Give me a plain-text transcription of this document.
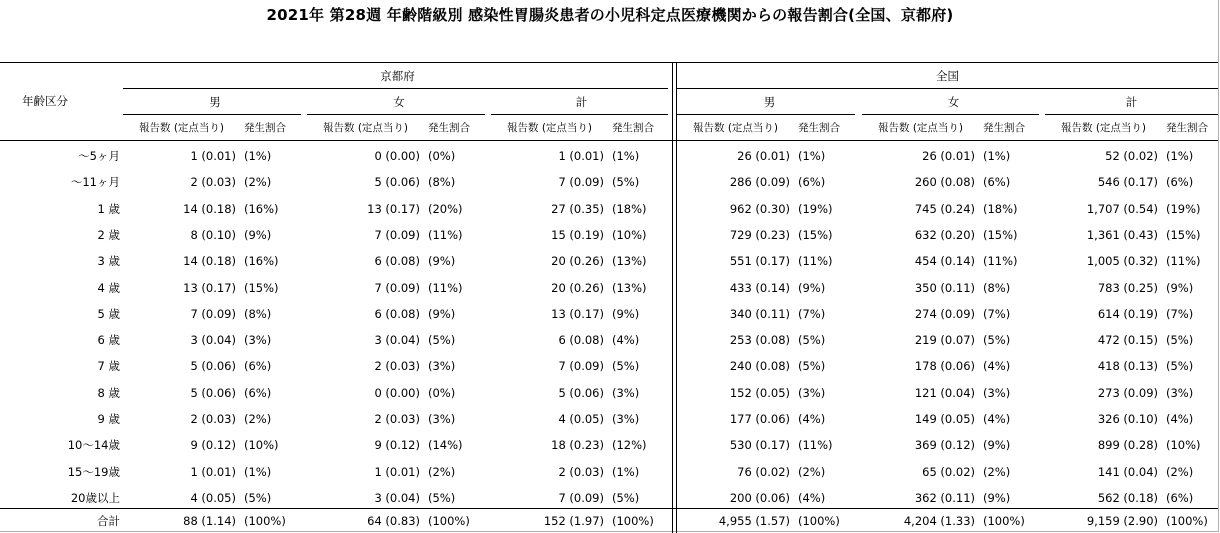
2021年 第28週 年齢階級別 感染性胃腸炎患者の小児科定点医療機関からの報告割合(全国、京都府)
年齢区分
京都府	全国
男
報告数 (定点当り) 発生割合
女
報告数 (定点当り) 発生割合
計
報告数 (定点当り) 発生割合
男
報告数 (定点当り) 発生割合
女
報告数 (定点当り) 発生割合
計
報告数 (定点当り) 発生割合
～5ヶ月	1 (0.01) (1%)	0 (0.00) (0%)	1 (0.01) (1%)	26 (0.01) (1%)	26 (0.01) (1%)	52 (0.02) (1%)
～11ヶ月	2 (0.03) (2%)	5 (0.06) (8%)	7 (0.09) (5%)	286 (0.09) (6%)	260 (0.08) (6%)	546 (0.17) (6%)
1 歳	14 (0.18) (16%)	13 (0.17) (20%)	27 (0.35) (18%)	962 (0.30) (19%)	745 (0.24) (18%)	1,707 (0.54) (19%)
2 歳	8 (0.10) (9%)	7 (0.09) (11%)	15 (0.19) (10%)	729 (0.23) (15%)	632 (0.20) (15%)	1,361 (0.43) (15%)
3 歳	14 (0.18) (16%)	6 (0.08) (9%)	20 (0.26) (13%)	551 (0.17) (11%)	454 (0.14) (11%)	1,005 (0.32) (11%)
4 歳	13 (0.17) (15%)	7 (0.09) (11%)	20 (0.26) (13%)	433 (0.14) (9%)	350 (0.11) (8%)	783 (0.25) (9%)
5 歳	7 (0.09) (8%)	6 (0.08) (9%)	13 (0.17) (9%)	340 (0.11) (7%)	274 (0.09) (7%)	614 (0.19) (7%)
6 歳	3 (0.04) (3%)	3 (0.04) (5%)	6 (0.08) (4%)	253 (0.08) (5%)	219 (0.07) (5%)	472 (0.15) (5%)
7 歳	5 (0.06) (6%)	2 (0.03) (3%)	7 (0.09) (5%)	240 (0.08) (5%)	178 (0.06) (4%)	418 (0.13) (5%)
8 歳	5 (0.06) (6%)	0 (0.00) (0%)	5 (0.06) (3%)	152 (0.05) (3%)	121 (0.04) (3%)	273 (0.09) (3%)
9 歳	2 (0.03) (2%)	2 (0.03) (3%)	4 (0.05) (3%)	177 (0.06) (4%)	149 (0.05) (4%)	326 (0.10) (4%)
10～14歳	9 (0.12) (10%)	9 (0.12) (14%)	18 (0.23) (12%)	530 (0.17) (11%)	369 (0.12) (9%)	899 (0.28) (10%)
15～19歳	1 (0.01) (1%)	1 (0.01) (2%)	2 (0.03) (1%)	76 (0.02) (2%)	65 (0.02) (2%)	141 (0.04) (2%)
20歳以上	4 (0.05) (5%)	3 (0.04) (5%)	7 (0.09) (5%)	200 (0.06) (4%)	362 (0.11) (9%)	562 (0.18) (6%)
合計	88 (1.14) (100%)	64 (0.83) (100%)	152 (1.97) (100%)	4,955 (1.57) (100%)	4,204 (1.33) (100%)	9,159 (2.90) (100%)
